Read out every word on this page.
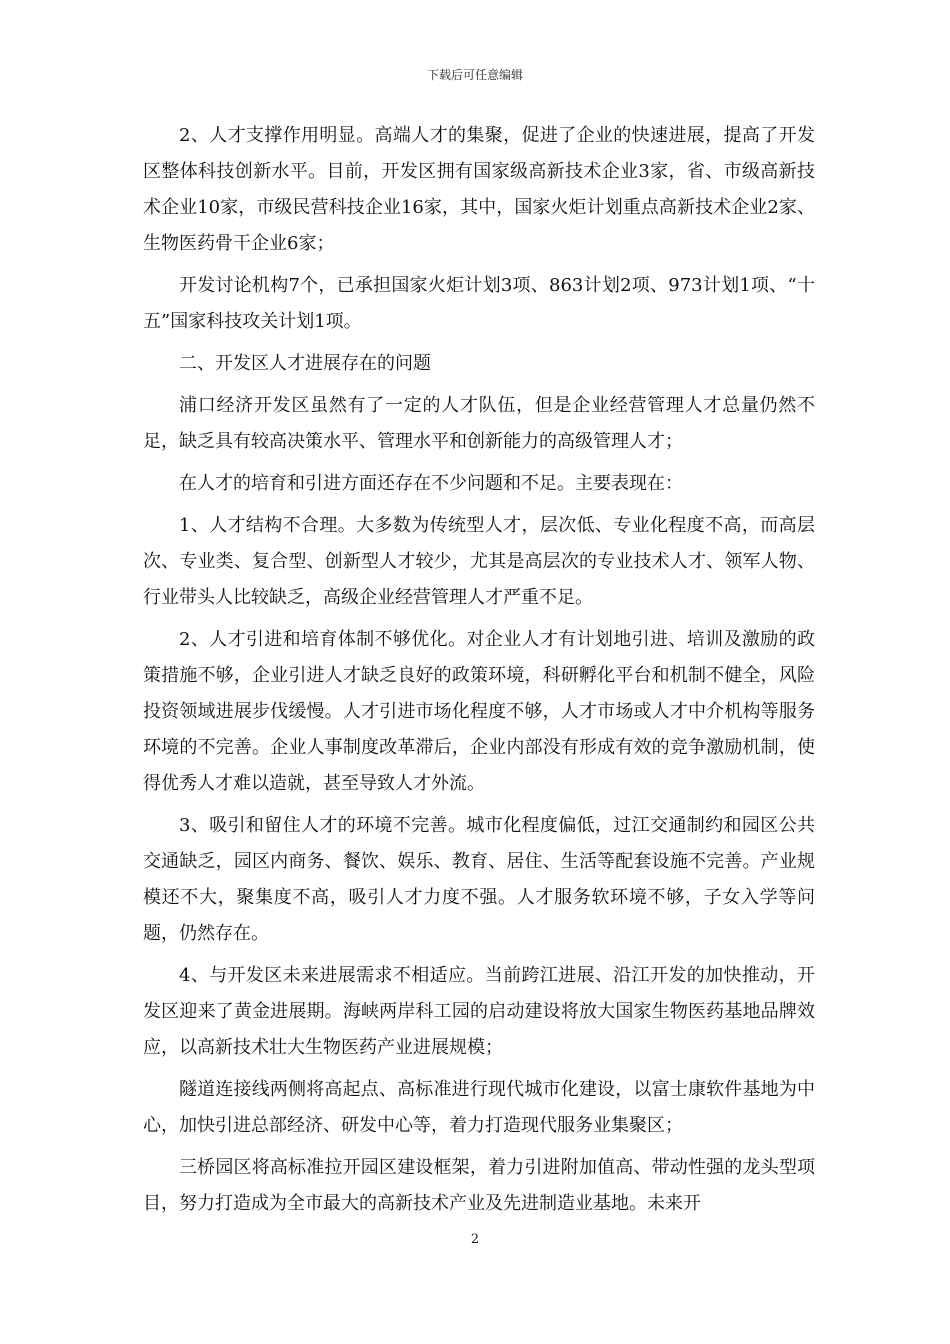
下载后可任意编辑

2、人才支撑作用明显。高端人才的集聚，促进了企业的快速进展，提高了开发区整体科技创新水平。目前，开发区拥有国家级高新技术企业3家，省、市级高新技术企业10家，市级民营科技企业16家，其中，国家火炬计划重点高新技术企业2家、生物医药骨干企业6家；

开发讨论机构7个，已承担国家火炬计划3项、863计划2项、973计划1项、“十五”国家科技攻关计划1项。

二、开发区人才进展存在的问题

浦口经济开发区虽然有了一定的人才队伍，但是企业经营管理人才总量仍然不足，缺乏具有较高决策水平、管理水平和创新能力的高级管理人才；

在人才的培育和引进方面还存在不少问题和不足。主要表现在：

1、人才结构不合理。大多数为传统型人才，层次低、专业化程度不高，而高层次、专业类、复合型、创新型人才较少，尤其是高层次的专业技术人才、领军人物、行业带头人比较缺乏，高级企业经营管理人才严重不足。

2、人才引进和培育体制不够优化。对企业人才有计划地引进、培训及激励的政策措施不够，企业引进人才缺乏良好的政策环境，科研孵化平台和机制不健全，风险投资领域进展步伐缓慢。人才引进市场化程度不够，人才市场或人才中介机构等服务环境的不完善。企业人事制度改革滞后，企业内部没有形成有效的竞争激励机制，使得优秀人才难以造就，甚至导致人才外流。

3、吸引和留住人才的环境不完善。城市化程度偏低，过江交通制约和园区公共交通缺乏，园区内商务、餐饮、娱乐、教育、居住、生活等配套设施不完善。产业规模还不大，聚集度不高，吸引人才力度不强。人才服务软环境不够，子女入学等问题，仍然存在。

4、与开发区未来进展需求不相适应。当前跨江进展、沿江开发的加快推动，开发区迎来了黄金进展期。海峡两岸科工园的启动建设将放大国家生物医药基地品牌效应，以高新技术壮大生物医药产业进展规模；

隧道连接线两侧将高起点、高标准进行现代城市化建设，以富士康软件基地为中心，加快引进总部经济、研发中心等，着力打造现代服务业集聚区；

三桥园区将高标准拉开园区建设框架，着力引进附加值高、带动性强的龙头型项目，努力打造成为全市最大的高新技术产业及先进制造业基地。未来开

2
